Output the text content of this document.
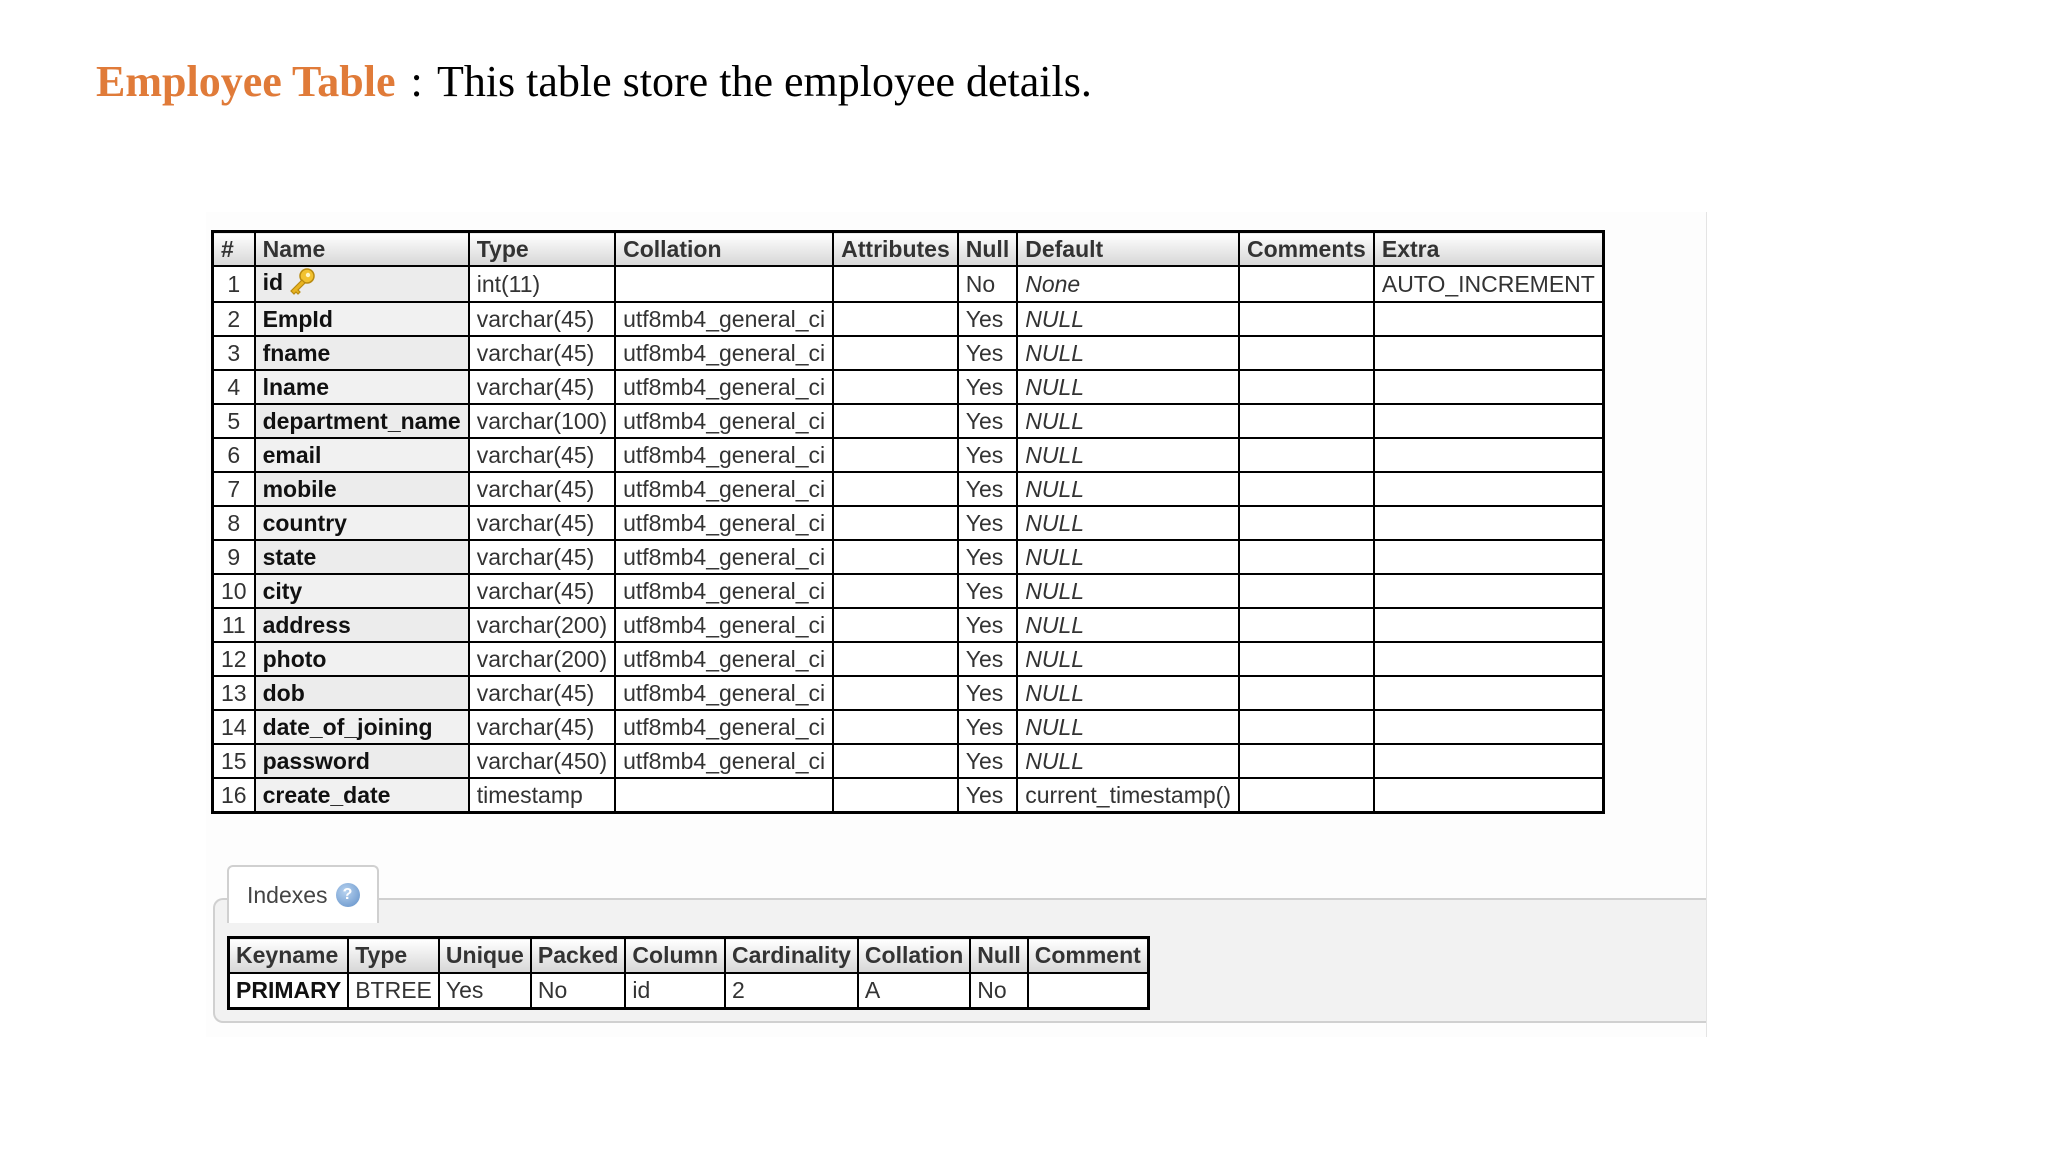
Employee Table : This table store the employee details.
#	Name	Type	Collation	Attributes	Null	Default	Comments	Extra
1	id	int(11)			No	None		AUTO_INCREMENT
2	EmpId	varchar(45)	utf8mb4_general_ci		Yes	NULL		
3	fname	varchar(45)	utf8mb4_general_ci		Yes	NULL		
4	lname	varchar(45)	utf8mb4_general_ci		Yes	NULL		
5	department_name	varchar(100)	utf8mb4_general_ci		Yes	NULL		
6	email	varchar(45)	utf8mb4_general_ci		Yes	NULL		
7	mobile	varchar(45)	utf8mb4_general_ci		Yes	NULL		
8	country	varchar(45)	utf8mb4_general_ci		Yes	NULL		
9	state	varchar(45)	utf8mb4_general_ci		Yes	NULL		
10	city	varchar(45)	utf8mb4_general_ci		Yes	NULL		
11	address	varchar(200)	utf8mb4_general_ci		Yes	NULL		
12	photo	varchar(200)	utf8mb4_general_ci		Yes	NULL		
13	dob	varchar(45)	utf8mb4_general_ci		Yes	NULL		
14	date_of_joining	varchar(45)	utf8mb4_general_ci		Yes	NULL		
15	password	varchar(450)	utf8mb4_general_ci		Yes	NULL		
16	create_date	timestamp			Yes	current_timestamp()		
Indexes ?
Keyname	Type	Unique	Packed	Column	Cardinality	Collation	Null	Comment
PRIMARY	BTREE	Yes	No	id	2	A	No	
